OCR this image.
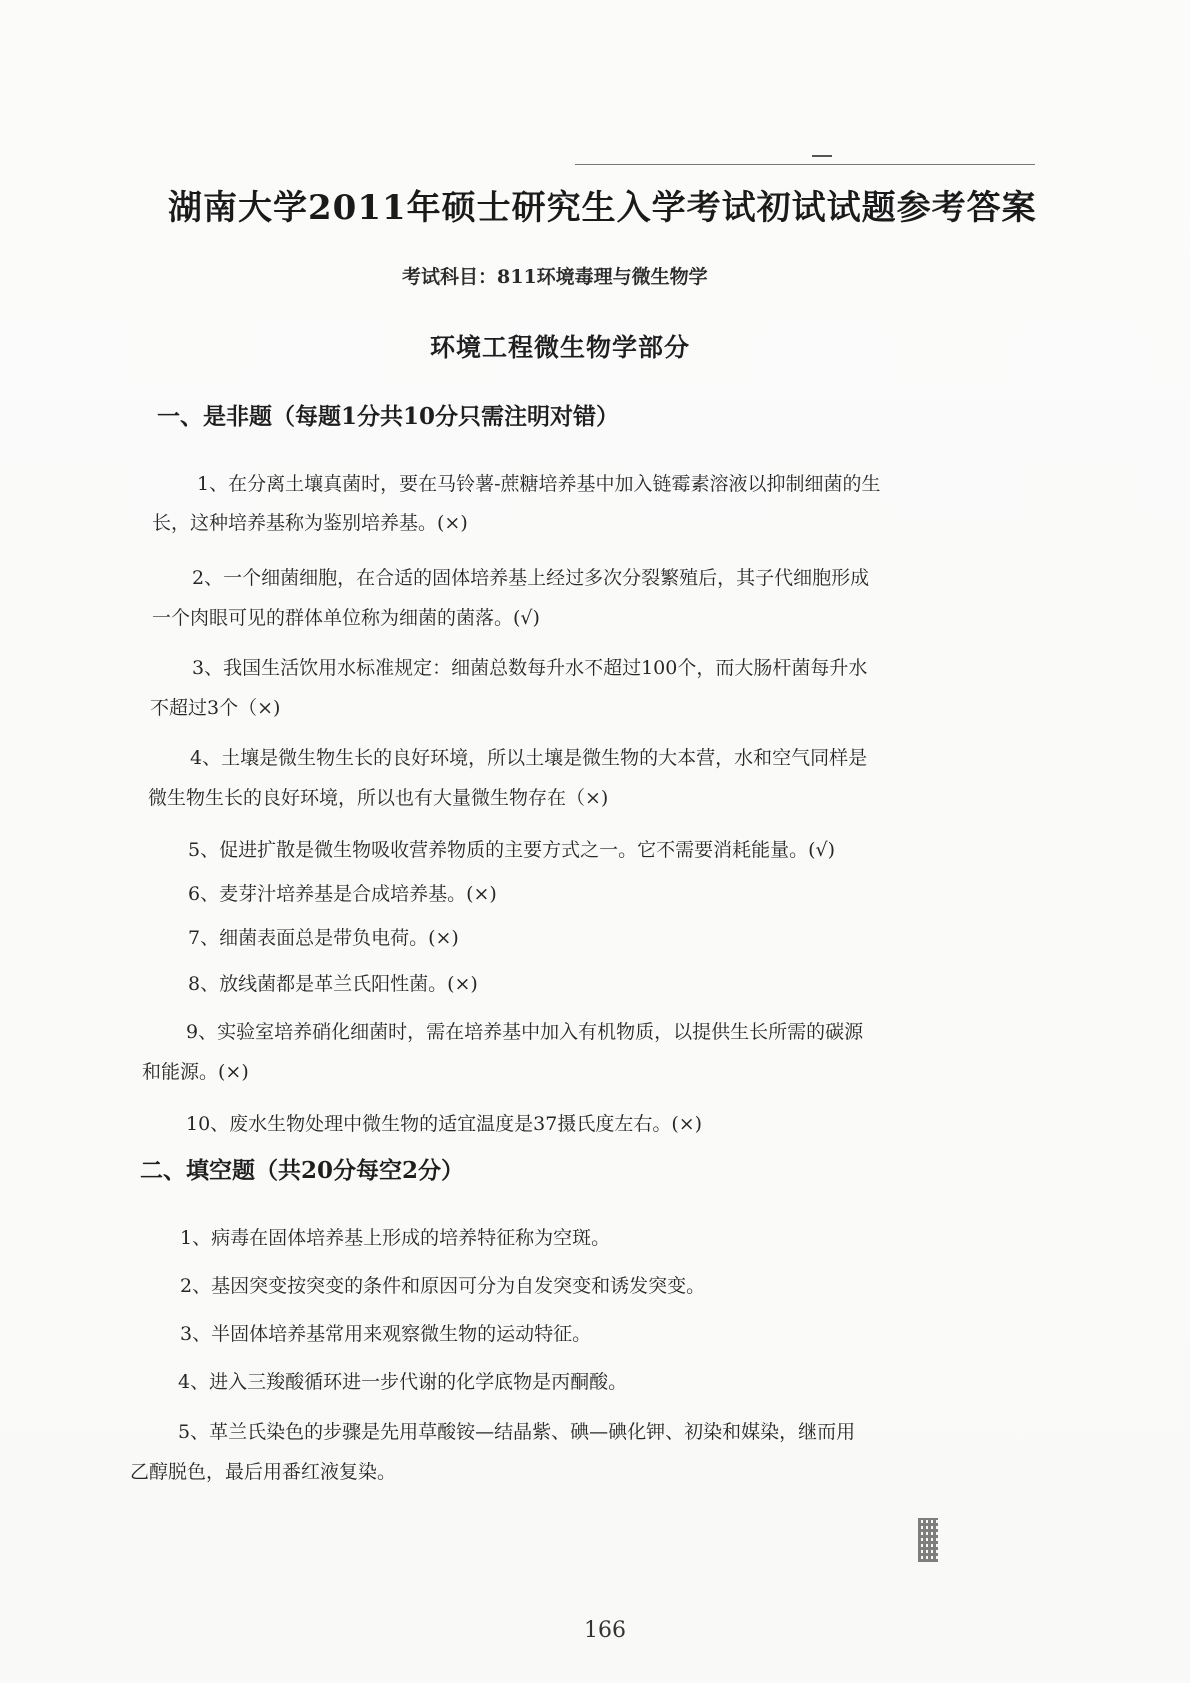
湖南大学2011年硕士研究生入学考试初试试题参考答案
考试科目：811环境毒理与微生物学
环境工程微生物学部分
一、是非题（每题1分共10分只需注明对错）
1、在分离土壤真菌时，要在马铃薯-蔗糖培养基中加入链霉素溶液以抑制细菌的生
长，这种培养基称为鉴别培养基。(×)
2、一个细菌细胞，在合适的固体培养基上经过多次分裂繁殖后，其子代细胞形成
一个肉眼可见的群体单位称为细菌的菌落。(√)
3、我国生活饮用水标准规定：细菌总数每升水不超过100个，而大肠杆菌每升水
不超过3个（×)
4、土壤是微生物生长的良好环境，所以土壤是微生物的大本营，水和空气同样是
微生物生长的良好环境，所以也有大量微生物存在（×)
5、促进扩散是微生物吸收营养物质的主要方式之一。它不需要消耗能量。(√)
6、麦芽汁培养基是合成培养基。(×)
7、细菌表面总是带负电荷。(×)
8、放线菌都是革兰氏阳性菌。(×)
9、实验室培养硝化细菌时，需在培养基中加入有机物质，以提供生长所需的碳源
和能源。(×)
10、废水生物处理中微生物的适宜温度是37摄氏度左右。(×)
二、填空题（共20分每空2分）
1、病毒在固体培养基上形成的培养特征称为空斑。
2、基因突变按突变的条件和原因可分为自发突变和诱发突变。
3、半固体培养基常用来观察微生物的运动特征。
4、进入三羧酸循环进一步代谢的化学底物是丙酮酸。
5、革兰氏染色的步骤是先用草酸铵—结晶紫、碘—碘化钾、初染和媒染，继而用
乙醇脱色，最后用番红液复染。
166
